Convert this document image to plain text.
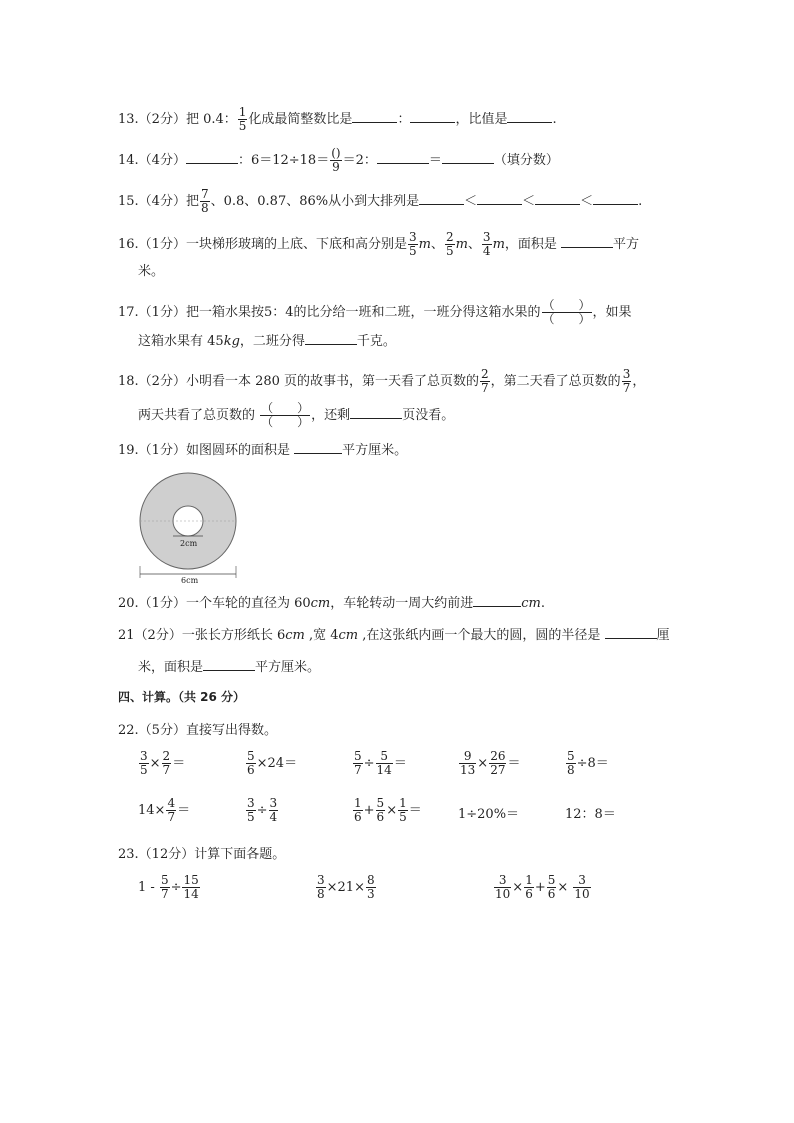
13.（2分）把 0.4： $\frac{1}{5}$ 化成最简整数比是	：	，比值是	.
14.（4分）	：$6=12\div 18= \frac{()}{9} =2$：	＝	（填分数）
15.（4分）把 $\frac{7}{8}$ 、0.8、0.87、86%从小到大排列是	＜	＜	＜	.
16.（1分）一块梯形玻璃的上底、下底和高分别是 $\frac{3}{5}$ m、 $\frac{2}{5}$ m、 $\frac{3}{4}$ m，面积是	平方
米。
17.（1分）把一箱水果按5：4的比分给一班和二班，一班分得这箱水果的 $\frac{( )}{( )}$ ，如果
这箱水果有 45kg，二班分得	千克。
18.（2分）小明看一本 280 页的故事书，第一天看了总页数的 $\frac{2}{7}$ ，第二天看了总页数的 $\frac{3}{7}$ ，
两天共看了总页数的 $\frac{( )}{( )}$ ，还剩	页没看。
19.（1分）如图圆环的面积是	平方厘米。
2cm
6cm
20.（1分）一个车轮的直径为 60cm，车轮转动一周大约前进	cm.
21（2分）一张长方形纸长 6cm ,宽 4cm ,在这张纸内画一个最大的圆，圆的半径是	厘
米，面积是	平方厘米。
四、计算。（共 26 分）
22.（5分）直接写出得数。
$\frac{3}{5} \times \frac{2}{7}$ ＝	$\frac{5}{6} \times 24=$	$\frac{5}{7} \div \frac{5}{14}$ ＝	$\frac{9}{13} \times \frac{26}{27}$ ＝	$\frac{5}{8} \div 8=$
$14\times \frac{4}{7}$ ＝	$\frac{3}{5} \div \frac{3}{4}$	$\frac{1}{6} + \frac{5}{6} \times \frac{1}{5}$ ＝	1÷20%＝	12：8＝
23.（12分）计算下面各题。
$1 - \frac{5}{7} \div \frac{15}{14}$	$\frac{3}{8} \times 21\times \frac{8}{3}$	$\frac{3}{10} \times \frac{1}{6} + \frac{5}{6} \times \frac{3}{10}$
